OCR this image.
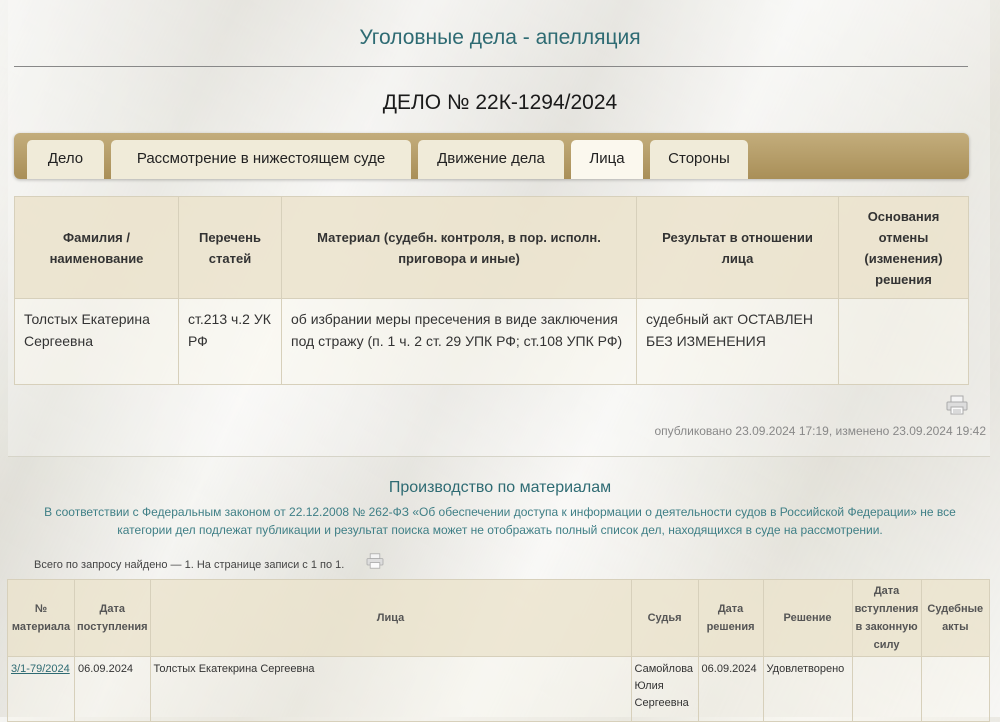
Уголовные дела - апелляция
ДЕЛО № 22К-1294/2024
Дело	Рассмотрение в нижестоящем суде	Движение дела	Лица	Стороны
Фамилия / наименование	Перечень статей	Материал (судебн. контроля, в пор. исполн. приговора и иные)	Результат в отношении лица	Основания отмены (изменения) решения
Толстых Екатерина Сергеевна	ст.213 ч.2 УК РФ	об избрании меры пресечения в виде заключения под стражу (п. 1 ч. 2 ст. 29 УПК РФ; ст.108 УПК РФ)	судебный акт ОСТАВЛЕН БЕЗ ИЗМЕНЕНИЯ	
опубликовано 23.09.2024 17:19, изменено 23.09.2024 19:42
Производство по материалам
В соответствии с Федеральным законом от 22.12.2008 № 262-ФЗ «Об обеспечении доступа к информации о деятельности судов в Российской Федерации» не все категории дел подлежат публикации и результат поиска может не отображать полный список дел, находящихся в суде на рассмотрении.
Всего по запросу найдено — 1. На странице записи с 1 по 1.
№ материала	Дата поступления	Лица	Судья	Дата решения	Решение	Дата вступления в законную силу	Судебные акты
3/1-79/2024	06.09.2024	Толстых Екатекрина Сергеевна	Самойлова Юлия Сергеевна	06.09.2024	Удовлетворено		
